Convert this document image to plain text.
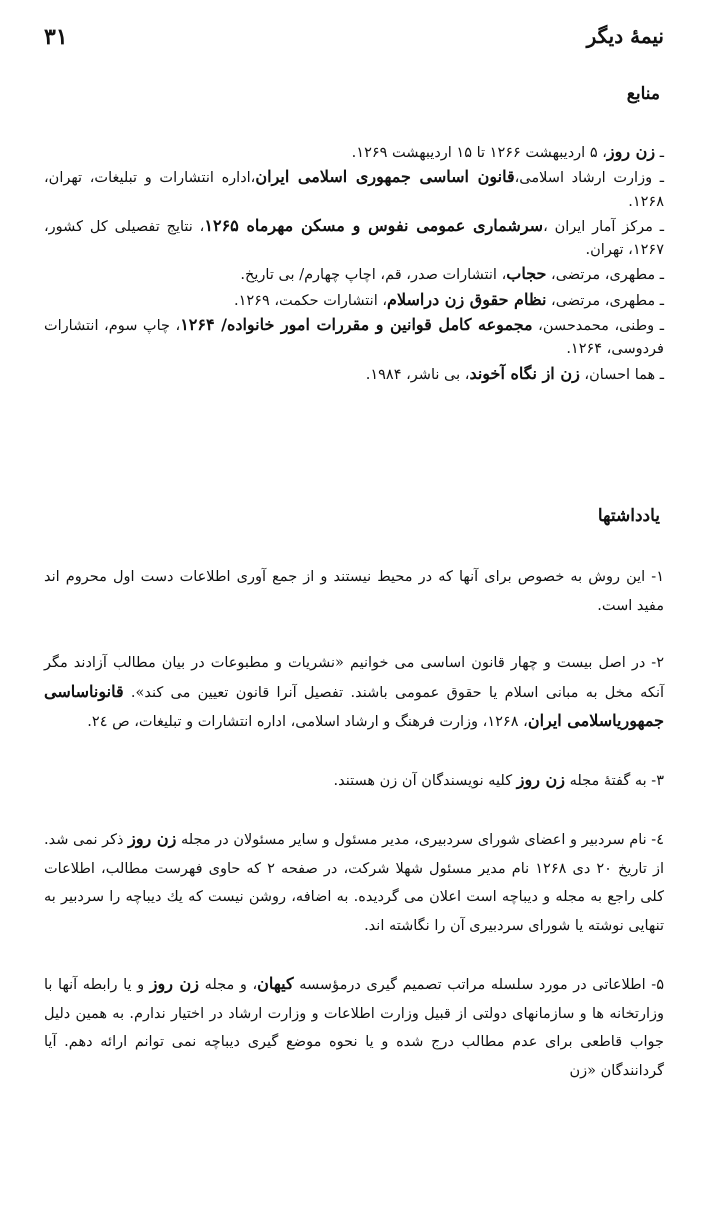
۳۱	نیمهٔ دیگر
منابع

ـ زن روز، ۵ اردیبهشت ۱۲۶۶ تا ۱۵ اردیبهشت ۱۲۶۹.

ـ وزارت ارشاد اسلامی،قانون اساسی جمهوری اسلامی ایران،اداره انتشارات و تبلیغات، تهران، ۱۲۶۸.

ـ مرکز آمار ایران ،سرشماری عمومی نفوس و مسکن مهرماه ۱۲۶۵، نتایج تفصیلی کل کشور، ۱۲۶۷، تهران.

ـ مطهری، مرتضی، حجاب، انتشارات صدر، قم، اچاپ چهارم/ بی تاریخ.

ـ مطهری، مرتضی، نظام حقوق زن دراسلام، انتشارات حکمت، ۱۲۶۹.

ـ وطنی، محمدحسن، مجموعه کامل قوانین و مقررات امور خانواده/ ۱۲۶۴، چاپ سوم، انتشارات فردوسی، ۱۲۶۴.

ـ هما احسان، زن از نگاه آخوند، بی ناشر، ۱۹۸۴.

یادداشتها

۱- این روش به خصوص برای آنها که در محیط نیستند و از جمع آوری اطلاعات دست اول محروم اند مفید است.

۲- در اصل بیست و چهار قانون اساسی می خوانیم «نشریات و مطبوعات در بیان مطالب آزادند مگر آنکه مخل به مبانی اسلام یا حقوق عمومی باشند. تفصیل آنرا قانون تعیین می کند». قانوناساسی جمهوریاسلامی ایران، ۱۲۶۸، وزارت فرهنگ و ارشاد اسلامی، اداره انتشارات و تبلیغات، ص ۲٤.

۳- به گفتهٔ مجله زن روز کلیه نویسندگان آن زن هستند.

٤- نام سردبیر و اعضای شورای سردبیری، مدیر مسئول و سایر مسئولان در مجله زن روز ذکر نمی شد. از تاریخ ۲۰ دی ۱۲۶۸ نام مدیر مسئول شهلا شرکت، در صفحه ۲ که حاوی فهرست مطالب، اطلاعات کلی راجع به مجله و دیباچه است اعلان می گردیده. به اضافه، روشن نیست که یك دیباچه را سردبیر به تنهایی نوشته یا شورای سردبیری آن را نگاشته اند.

۵- اطلاعاتی در مورد سلسله مراتب تصمیم گیری درمؤسسه کیهان، و مجله زن روز و یا رابطه آنها با وزارتخانه ها و سازمانهای دولتی از قبیل وزارت اطلاعات و وزارت ارشاد در اختیار ندارم. به همین دلیل جواب قاطعی برای عدم مطالب درج شده و یا نحوه موضع گیری دیباچه نمی توانم ارائه دهم. آیا گردانندگان «زن
